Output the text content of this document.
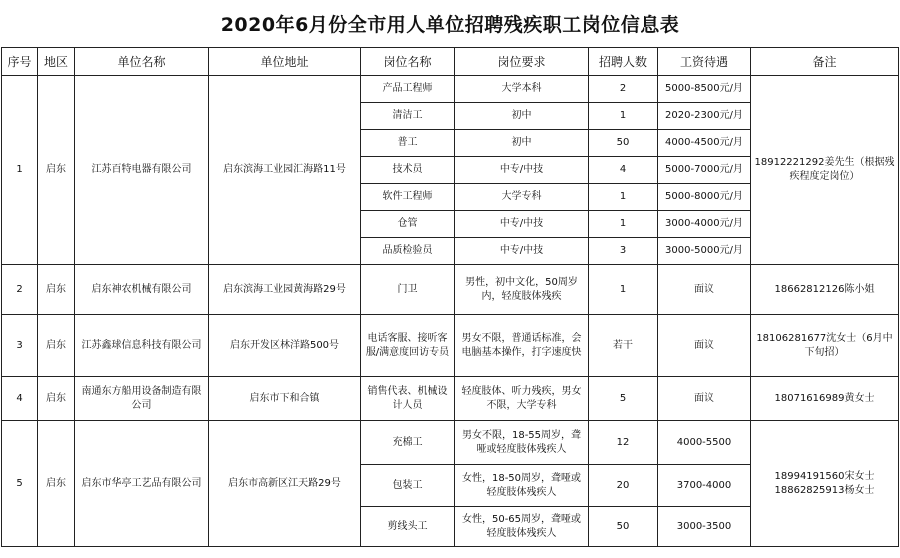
2020年6月份全市用人单位招聘残疾职工岗位信息表
序号	地区	单位名称	单位地址	岗位名称	岗位要求	招聘人数	工资待遇	备注
1	启东	江苏百特电器有限公司	启东滨海工业园汇海路11号	产品工程师	大学本科	2	5000-8500元/月	18912221292姜先生（根据残疾程度定岗位）
				清洁工	初中	1	2020-2300元/月	
				普工	初中	50	4000-4500元/月	
				技术员	中专/中技	4	5000-7000元/月	
				软件工程师	大学专科	1	5000-8000元/月	
				仓管	中专/中技	1	3000-4000元/月	
				品质检验员	中专/中技	3	3000-5000元/月	
2	启东	启东神农机械有限公司	启东滨海工业园黄海路29号	门卫	男性，初中文化，50周岁内，轻度肢体残疾	1	面议	18662812126陈小姐
3	启东	江苏鑫球信息科技有限公司	启东开发区林洋路500号	电话客服、接听客服/满意度回访专员	男女不限，普通话标准，会电脑基本操作，打字速度快	若干	面议	18106281677沈女士（6月中下旬招）
4	启东	南通东方船用设备制造有限公司	启东市下和合镇	销售代表、机械设计人员	轻度肢体、听力残疾，男女不限，大学专科	5	面议	18071616989黄女士
5	启东	启东市华亭工艺品有限公司	启东市高新区江天路29号	充棉工	男女不限，18-55周岁，聋哑或轻度肢体残疾人	12	4000-5500	18994191560宋女士18862825913杨女士
				包装工	女性，18-50周岁，聋哑或轻度肢体残疾人	20	3700-4000	
				剪线头工	女性，50-65周岁，聋哑或轻度肢体残疾人	50	3000-3500	
